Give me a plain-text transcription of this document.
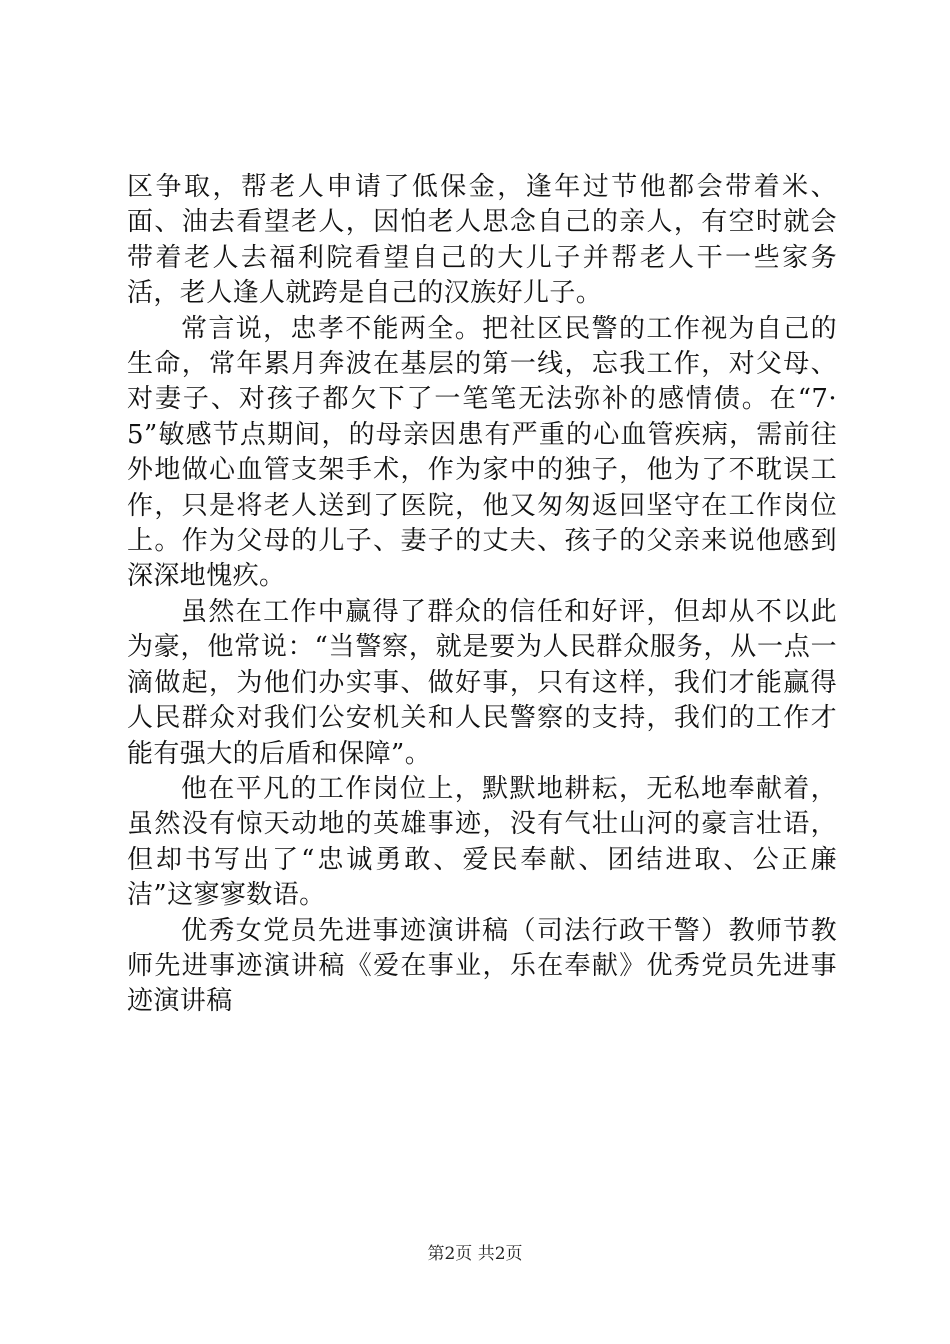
区争取，帮老人申请了低保金，逢年过节他都会带着米、面、油去看望老人，因怕老人思念自己的亲人，有空时就会带着老人去福利院看望自己的大儿子并帮老人干一些家务活，老人逢人就跨是自己的汉族好儿子。

常言说，忠孝不能两全。把社区民警的工作视为自己的生命，常年累月奔波在基层的第一线，忘我工作，对父母、对妻子、对孩子都欠下了一笔笔无法弥补的感情债。在“7·5”敏感节点期间，的母亲因患有严重的心血管疾病，需前往外地做心血管支架手术，作为家中的独子，他为了不耽误工作，只是将老人送到了医院，他又匆匆返回坚守在工作岗位上。作为父母的儿子、妻子的丈夫、孩子的父亲来说他感到深深地愧疚。

虽然在工作中赢得了群众的信任和好评，但却从不以此为豪，他常说：“当警察，就是要为人民群众服务，从一点一滴做起，为他们办实事、做好事，只有这样，我们才能赢得人民群众对我们公安机关和人民警察的支持，我们的工作才能有强大的后盾和保障”。

他在平凡的工作岗位上，默默地耕耘，无私地奉献着，虽然没有惊天动地的英雄事迹，没有气壮山河的豪言壮语，但却书写出了“忠诚勇敢、爱民奉献、团结进取、公正廉洁”这寥寥数语。

优秀女党员先进事迹演讲稿（司法行政干警）教师节教师先进事迹演讲稿《爱在事业，乐在奉献》优秀党员先进事迹演讲稿

第2页 共2页
